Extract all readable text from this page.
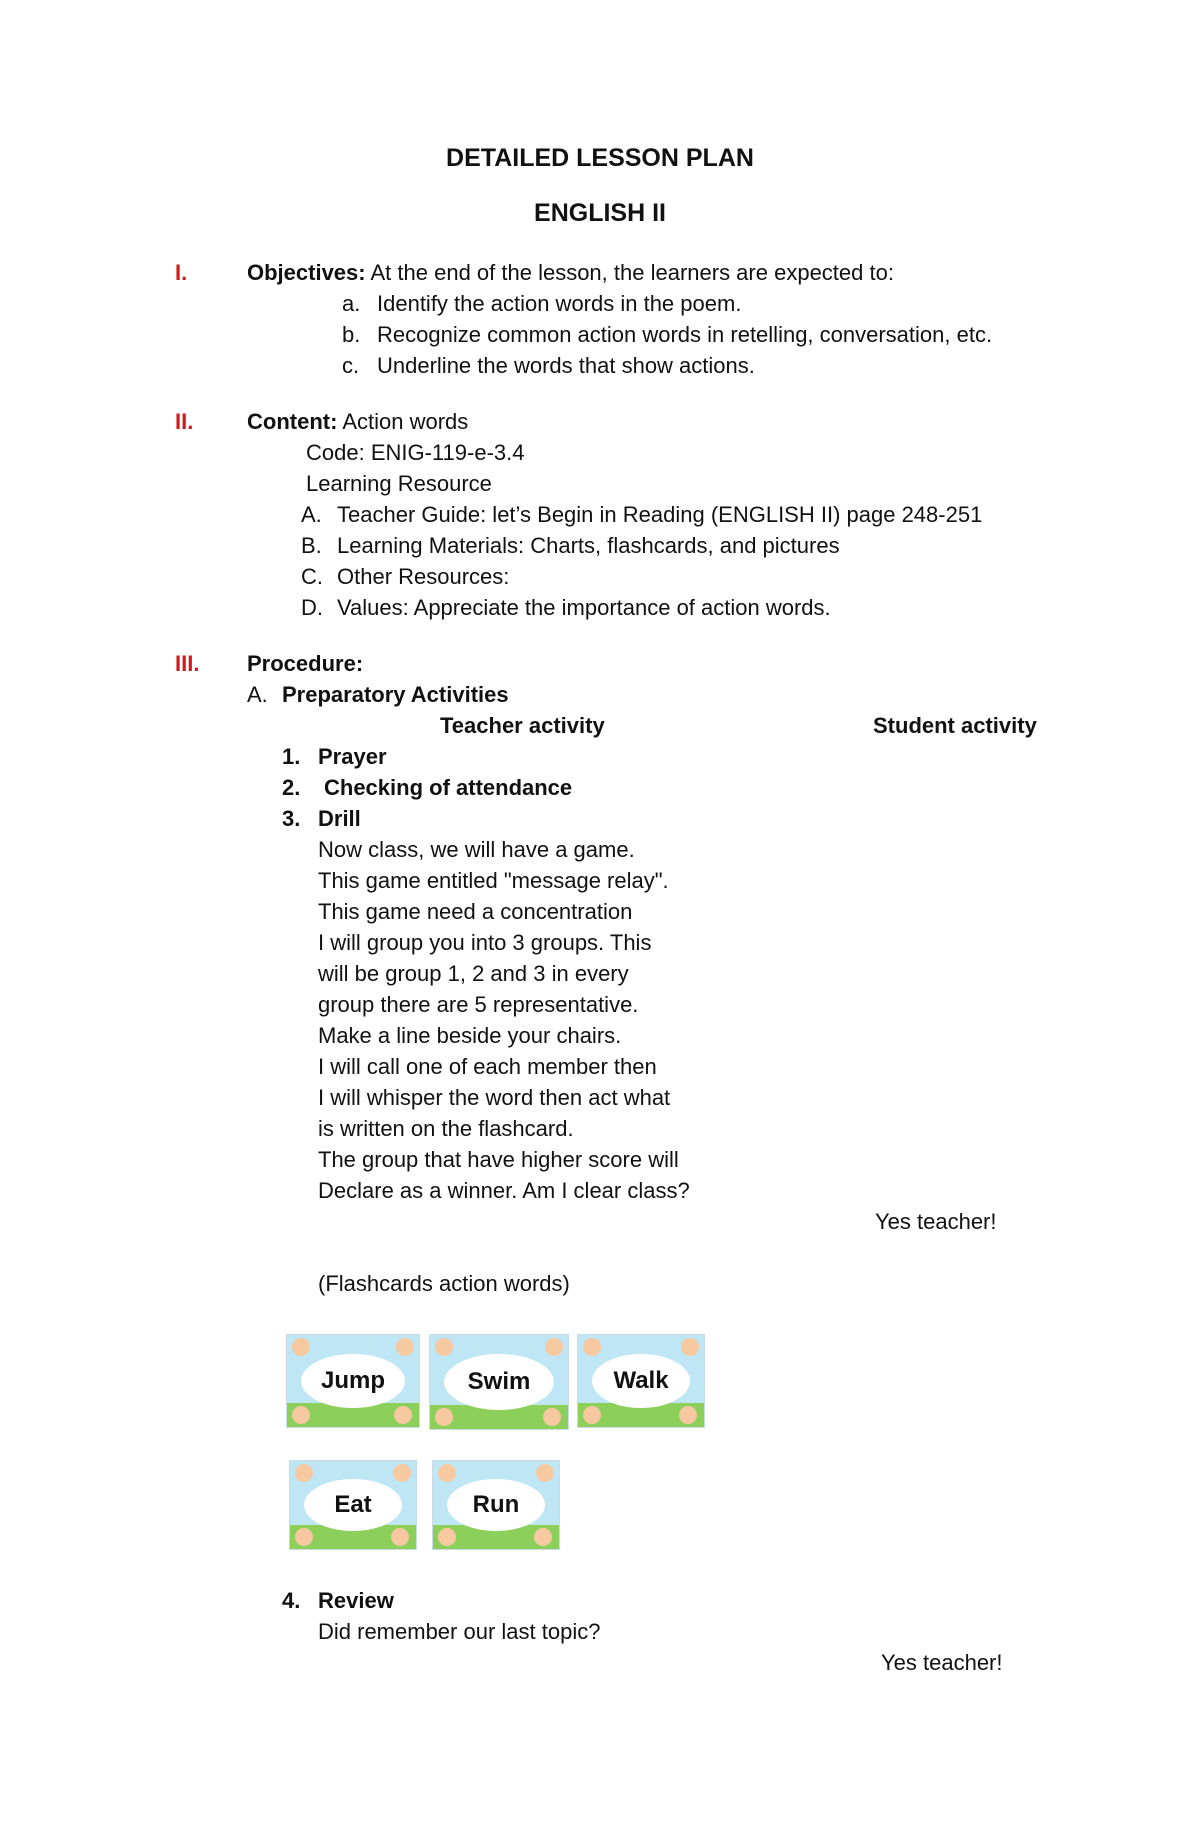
DETAILED LESSON PLAN
ENGLISH II
I.	Objectives: At the end of the lesson, the learners are expected to:
a. Identify the action words in the poem.
b. Recognize common action words in retelling, conversation, etc.
c. Underline the words that show actions.
II. Content: Action words
Code: ENIG-119-e-3.4
Learning Resource
A. Teacher Guide: let’s Begin in Reading (ENGLISH II) page 248-251
B. Learning Materials: Charts, flashcards, and pictures
C. Other Resources:
D. Values: Appreciate the importance of action words.
III. Procedure:
A. Preparatory Activities
Teacher activity	Student activity
1. Prayer
2. Checking of attendance
3. Drill
Now class, we will have a game.
This game entitled "message relay".
This game need a concentration
I will group you into 3 groups. This
will be group 1, 2 and 3 in every
group there are 5 representative.
Make a line beside your chairs.
I will call one of each member then
I will whisper the word then act what
is written on the flashcard.
The group that have higher score will
Declare as a winner. Am I clear class?
Yes teacher!
(Flashcards action words)
Jump	Swim	Walk
Eat	Run
4. Review
Did remember our last topic?
Yes teacher!
